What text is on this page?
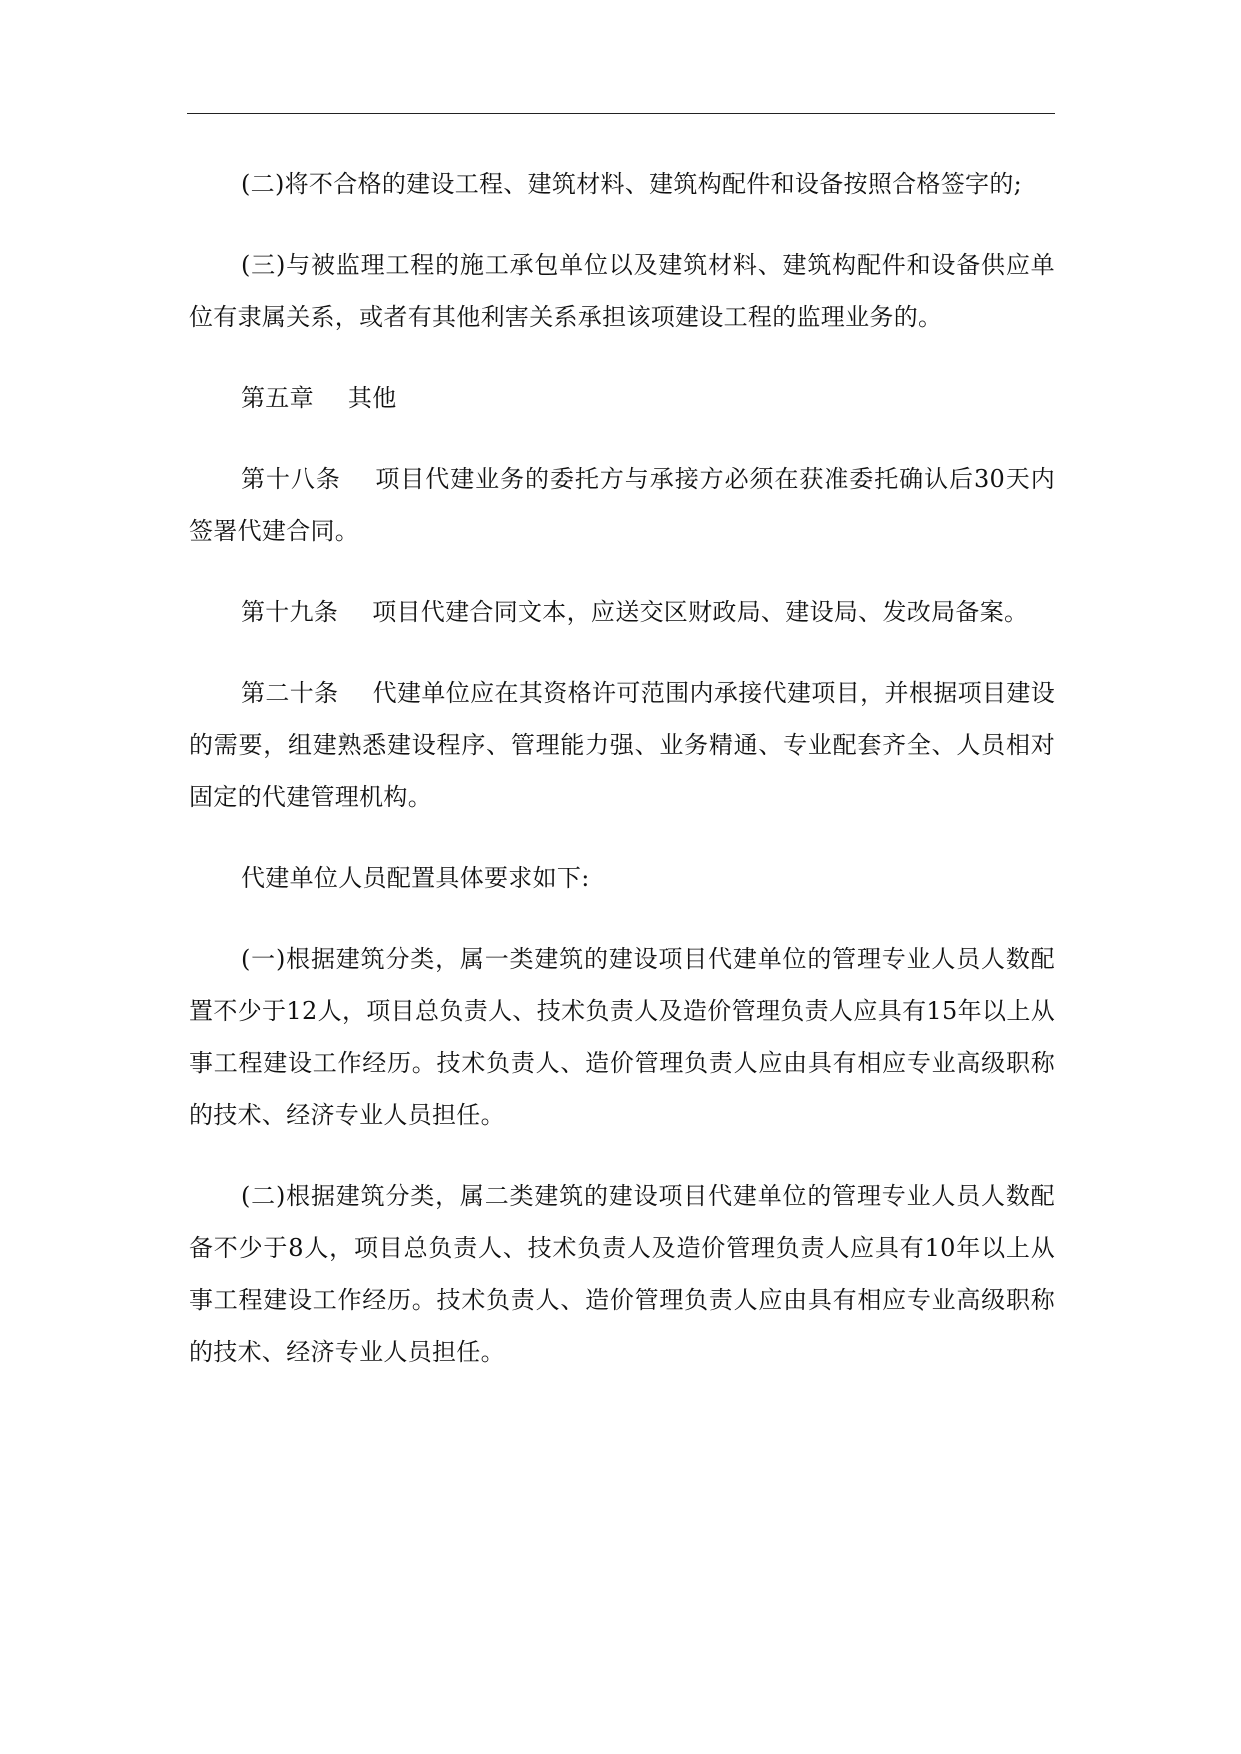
(二)将不合格的建设工程、建筑材料、建筑构配件和设备按照合格签字的;

(三)与被监理工程的施工承包单位以及建筑材料、建筑构配件和设备供应单位有隶属关系，或者有其他利害关系承担该项建设工程的监理业务的。

第五章 其他

第十八条 项目代建业务的委托方与承接方必须在获准委托确认后30天内签署代建合同。

第十九条 项目代建合同文本，应送交区财政局、建设局、发改局备案。

第二十条 代建单位应在其资格许可范围内承接代建项目，并根据项目建设的需要，组建熟悉建设程序、管理能力强、业务精通、专业配套齐全、人员相对固定的代建管理机构。

代建单位人员配置具体要求如下:

(一)根据建筑分类，属一类建筑的建设项目代建单位的管理专业人员人数配置不少于12人，项目总负责人、技术负责人及造价管理负责人应具有15年以上从事工程建设工作经历。技术负责人、造价管理负责人应由具有相应专业高级职称的技术、经济专业人员担任。

(二)根据建筑分类，属二类建筑的建设项目代建单位的管理专业人员人数配备不少于8人，项目总负责人、技术负责人及造价管理负责人应具有10年以上从事工程建设工作经历。技术负责人、造价管理负责人应由具有相应专业高级职称的技术、经济专业人员担任。
